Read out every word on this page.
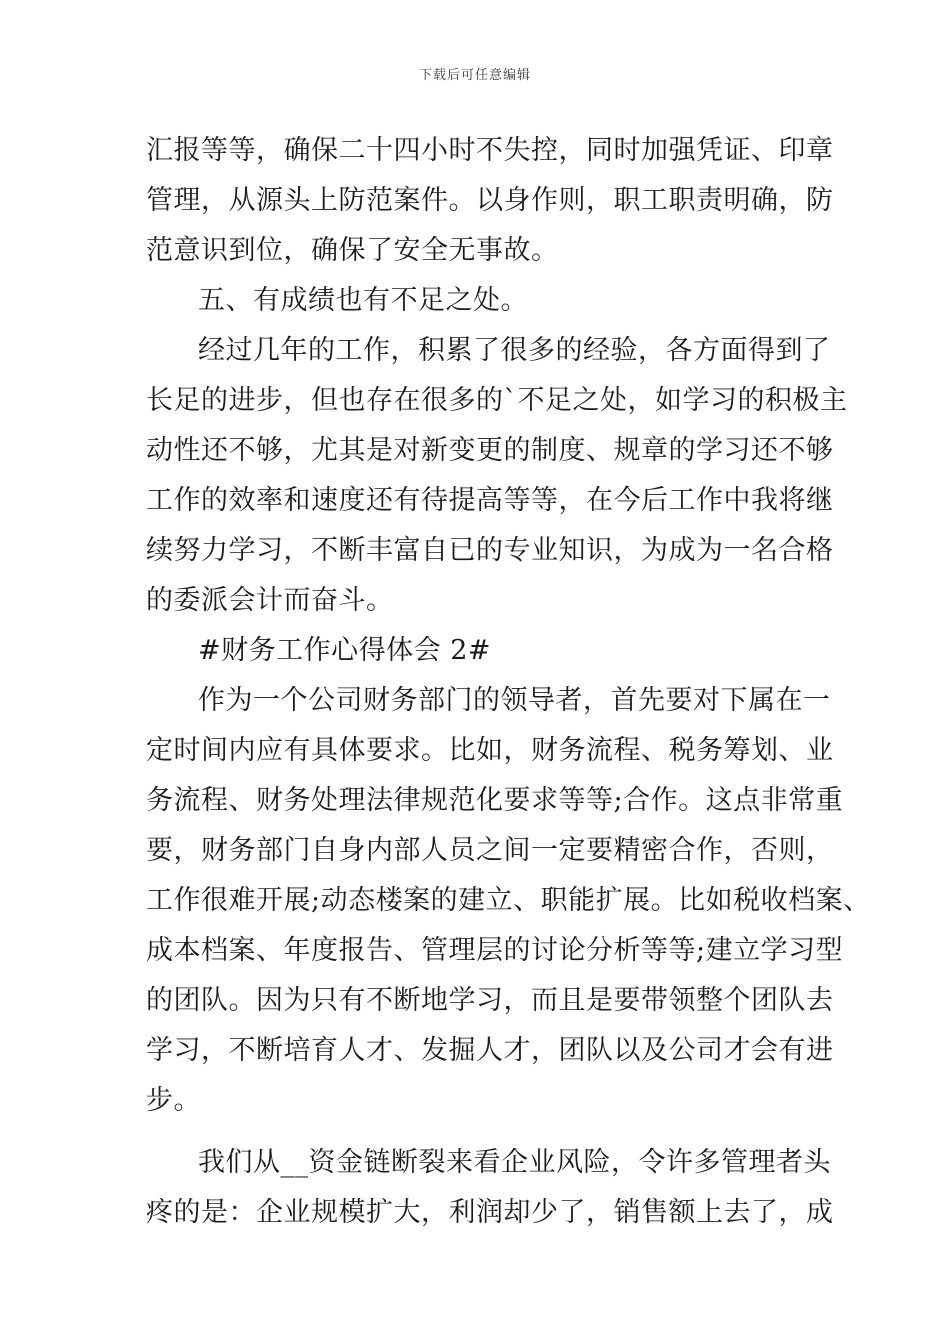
下载后可任意编辑
汇报等等，确保二十四小时不失控，同时加强凭证、印章
管理，从源头上防范案件。以身作则，职工职责明确，防
范意识到位，确保了安全无事故。
五、有成绩也有不足之处。
经过几年的工作，积累了很多的经验，各方面得到了
长足的进步，但也存在很多的`不足之处，如学习的积极主
动性还不够，尤其是对新变更的制度、规章的学习还不够
工作的效率和速度还有待提高等等，在今后工作中我将继
续努力学习，不断丰富自已的专业知识，为成为一名合格
的委派会计而奋斗。
#财务工作心得体会 2#
作为一个公司财务部门的领导者，首先要对下属在一
定时间内应有具体要求。比如，财务流程、税务筹划、业
务流程、财务处理法律规范化要求等等;合作。这点非常重
要，财务部门自身内部人员之间一定要精密合作，否则，
工作很难开展;动态楼案的建立、职能扩展。比如税收档案、
成本档案、年度报告、管理层的讨论分析等等;建立学习型
的团队。因为只有不断地学习，而且是要带领整个团队去
学习，不断培育人才、发掘人才，团队以及公司才会有进
步。
我们从__资金链断裂来看企业风险，令许多管理者头
疼的是：企业规模扩大，利润却少了，销售额上去了，成
